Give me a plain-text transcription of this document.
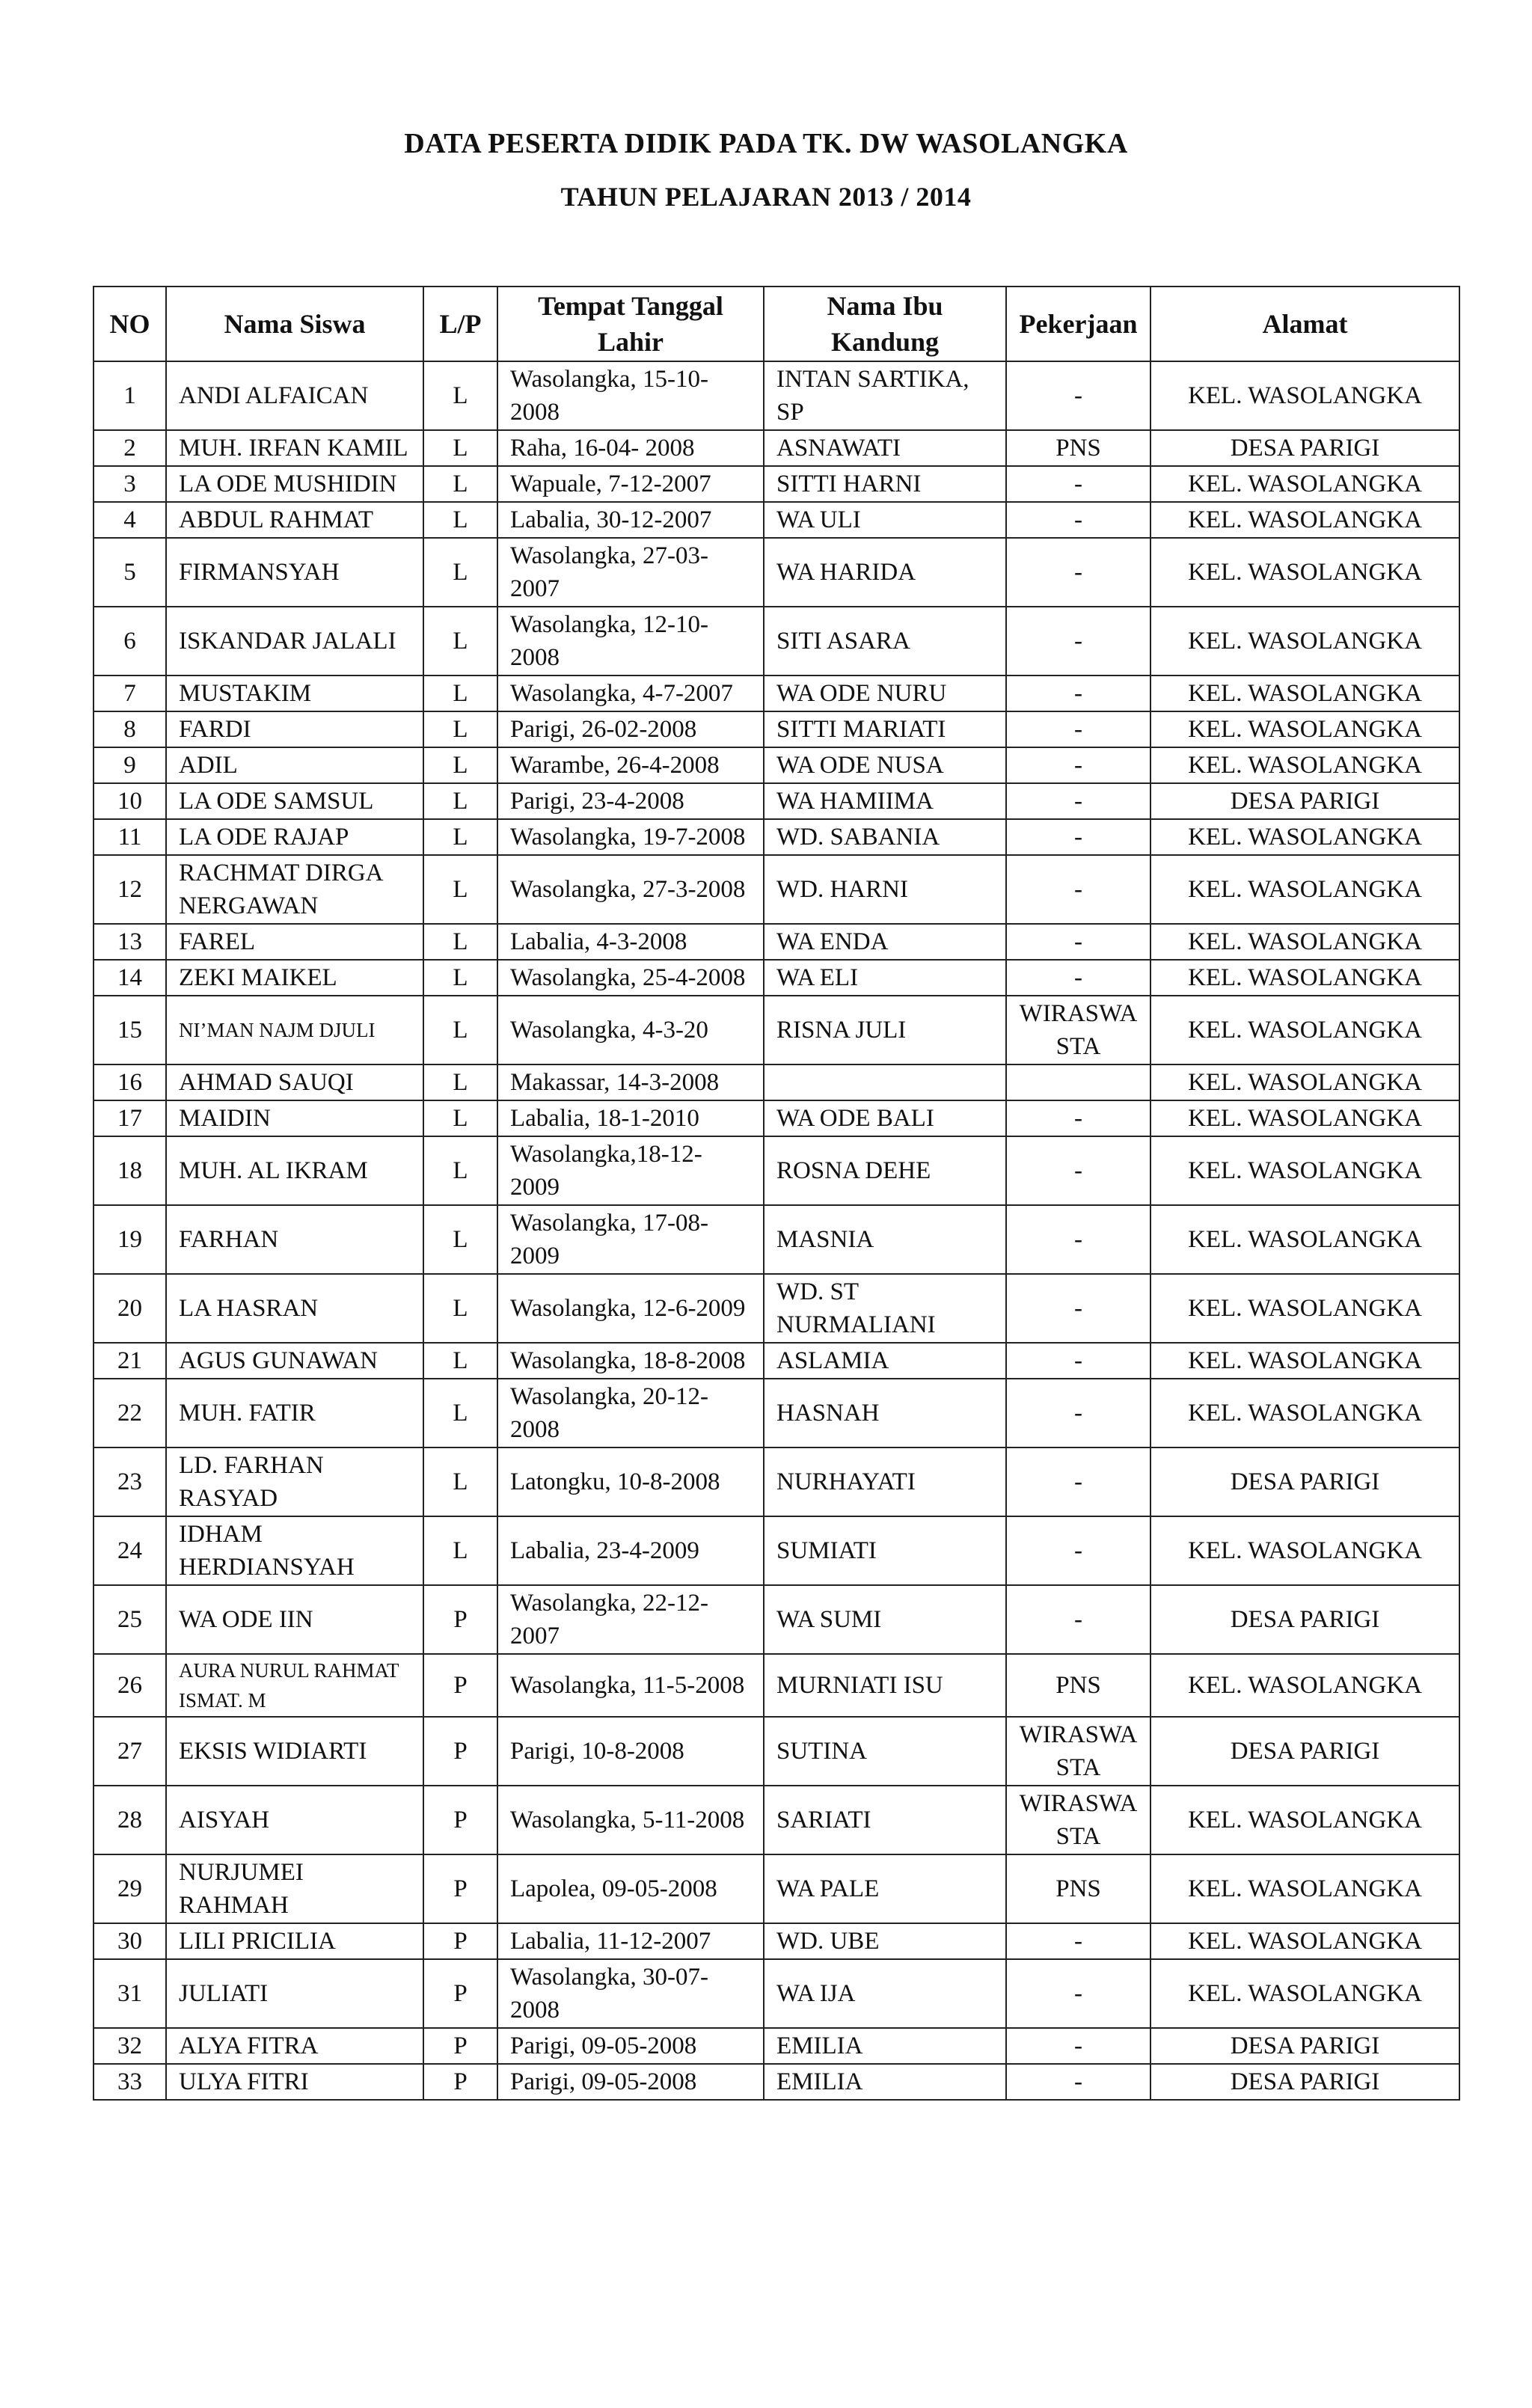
DATA PESERTA DIDIK PADA TK. DW WASOLANGKA
TAHUN PELAJARAN 2013 / 2014
NO	Nama Siswa	L/P	Tempat Tanggal Lahir	Nama Ibu Kandung	Pekerjaan	Alamat
1	ANDI ALFAICAN	L	Wasolangka, 15-10-2008	INTAN SARTIKA, SP	-	KEL. WASOLANGKA
2	MUH. IRFAN KAMIL	L	Raha, 16-04- 2008	ASNAWATI	PNS	DESA PARIGI
3	LA ODE MUSHIDIN	L	Wapuale, 7-12-2007	SITTI HARNI	-	KEL. WASOLANGKA
4	ABDUL RAHMAT	L	Labalia, 30-12-2007	WA ULI	-	KEL. WASOLANGKA
5	FIRMANSYAH	L	Wasolangka, 27-03-2007	WA HARIDA	-	KEL. WASOLANGKA
6	ISKANDAR JALALI	L	Wasolangka, 12-10-2008	SITI ASARA	-	KEL. WASOLANGKA
7	MUSTAKIM	L	Wasolangka, 4-7-2007	WA ODE NURU	-	KEL. WASOLANGKA
8	FARDI	L	Parigi, 26-02-2008	SITTI MARIATI	-	KEL. WASOLANGKA
9	ADIL	L	Warambe, 26-4-2008	WA ODE NUSA	-	KEL. WASOLANGKA
10	LA ODE SAMSUL	L	Parigi, 23-4-2008	WA HAMIIMA	-	DESA PARIGI
11	LA ODE RAJAP	L	Wasolangka, 19-7-2008	WD. SABANIA	-	KEL. WASOLANGKA
12	RACHMAT DIRGA NERGAWAN	L	Wasolangka, 27-3-2008	WD. HARNI	-	KEL. WASOLANGKA
13	FAREL	L	Labalia, 4-3-2008	WA ENDA	-	KEL. WASOLANGKA
14	ZEKI MAIKEL	L	Wasolangka, 25-4-2008	WA ELI	-	KEL. WASOLANGKA
15	NI’MAN NAJM DJULI	L	Wasolangka, 4-3-20	RISNA JULI	WIRASWA STA	KEL. WASOLANGKA
16	AHMAD SAUQI	L	Makassar, 14-3-2008			KEL. WASOLANGKA
17	MAIDIN	L	Labalia, 18-1-2010	WA ODE BALI	-	KEL. WASOLANGKA
18	MUH. AL IKRAM	L	Wasolangka,18-12-2009	ROSNA DEHE	-	KEL. WASOLANGKA
19	FARHAN	L	Wasolangka, 17-08-2009	MASNIA	-	KEL. WASOLANGKA
20	LA HASRAN	L	Wasolangka, 12-6-2009	WD. ST NURMALIANI	-	KEL. WASOLANGKA
21	AGUS GUNAWAN	L	Wasolangka, 18-8-2008	ASLAMIA	-	KEL. WASOLANGKA
22	MUH. FATIR	L	Wasolangka, 20-12-2008	HASNAH	-	KEL. WASOLANGKA
23	LD. FARHAN RASYAD	L	Latongku, 10-8-2008	NURHAYATI	-	DESA PARIGI
24	IDHAM HERDIANSYAH	L	Labalia, 23-4-2009	SUMIATI	-	KEL. WASOLANGKA
25	WA ODE IIN	P	Wasolangka, 22-12-2007	WA SUMI	-	DESA PARIGI
26	AURA NURUL RAHMAT ISMAT. M	P	Wasolangka, 11-5-2008	MURNIATI ISU	PNS	KEL. WASOLANGKA
27	EKSIS WIDIARTI	P	Parigi, 10-8-2008	SUTINA	WIRASWA STA	DESA PARIGI
28	AISYAH	P	Wasolangka, 5-11-2008	SARIATI	WIRASWA STA	KEL. WASOLANGKA
29	NURJUMEI RAHMAH	P	Lapolea, 09-05-2008	WA PALE	PNS	KEL. WASOLANGKA
30	LILI PRICILIA	P	Labalia, 11-12-2007	WD. UBE	-	KEL. WASOLANGKA
31	JULIATI	P	Wasolangka, 30-07-2008	WA IJA	-	KEL. WASOLANGKA
32	ALYA FITRA	P	Parigi, 09-05-2008	EMILIA	-	DESA PARIGI
33	ULYA FITRI	P	Parigi, 09-05-2008	EMILIA	-	DESA PARIGI
